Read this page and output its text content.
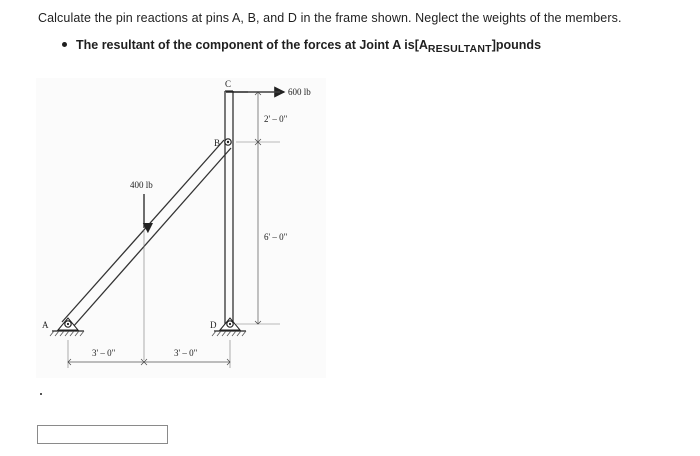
Calculate the pin reactions at pins A, B, and D in the frame shown. Neglect the weights of the members.
The resultant of the component of the forces at Joint A is $[A_{RESULTANT}]$ pounds
C
B
A	D
600 lb
400 lb
2' – 0"
6' – 0"
3' – 0"	3' – 0"
